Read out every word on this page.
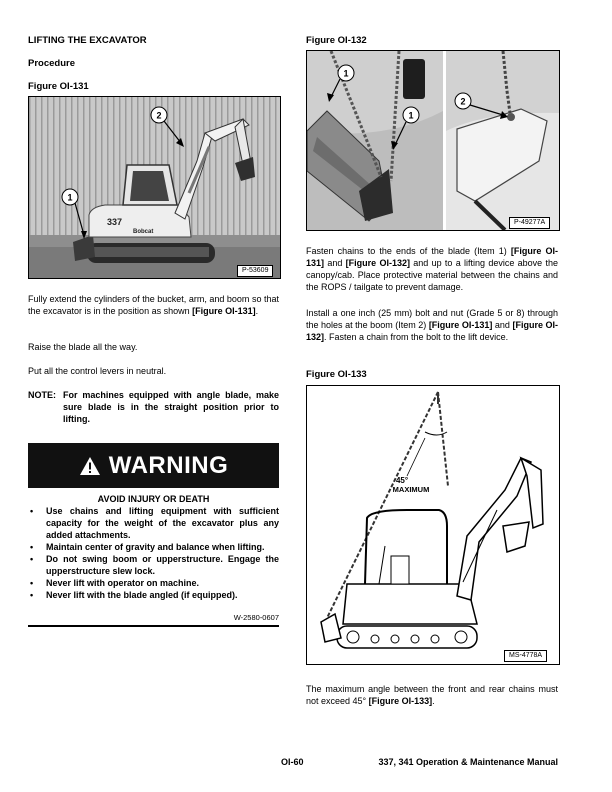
LIFTING THE EXCAVATOR
Procedure
Figure OI-131
337
Bobcat
1
2
P-53609

Fully extend the cylinders of the bucket, arm, and boom so that the excavator is in the position as shown [Figure OI-131].

Raise the blade all the way.

Put all the control levers in neutral.

NOTE: For machines equipped with angle blade, make sure blade is in the straight position prior to lifting.

WARNING
AVOID INJURY OR DEATH
• Use chains and lifting equipment with sufficient capacity for the weight of the excavator plus any added attachments.
• Maintain center of gravity and balance when lifting.
• Do not swing boom or upperstructure. Engage the upperstructure slew lock.
• Never lift with operator on machine.
• Never lift with the blade angled (if equipped).
W-2580-0607
Figure OI-132
1
2
1
P-49277A

Fasten chains to the ends of the blade (Item 1) [Figure OI-131] and [Figure OI-132] and up to a lifting device above the canopy/cab. Place protective material between the chains and the ROPS / tailgate to prevent damage.

Install a one inch (25 mm) bolt and nut (Grade 5 or 8) through the holes at the boom (Item 2) [Figure OI-131] and [Figure OI-132]. Fasten a chain from the bolt to the lift device.

Figure OI-133
45°
MAXIMUM
MS-4778A

The maximum angle between the front and rear chains must not exceed 45° [Figure OI-133].

OI-60	337, 341 Operation & Maintenance Manual
